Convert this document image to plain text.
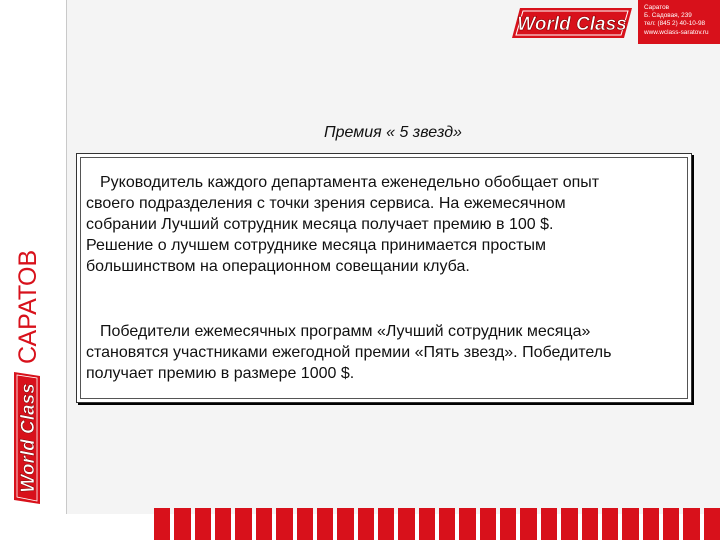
World Class
Саратов
Б. Садовая, 239
тел: (845 2) 40-10-98
www.wclass-saratov.ru
World Class
САРАТОВ
Премия « 5 звезд»
Руководитель каждого департамента еженедельно обобщает опыт
своего подразделения с точки зрения сервиса. На ежемесячном
собрании Лучший сотрудник месяца получает премию в 100 $.
Решение о лучшем сотруднике месяца принимается простым
большинством на операционном совещании клуба.
Победители ежемесячных программ «Лучший сотрудник месяца»
становятся участниками ежегодной премии «Пять звезд». Победитель
получает премию в размере 1000 $.
